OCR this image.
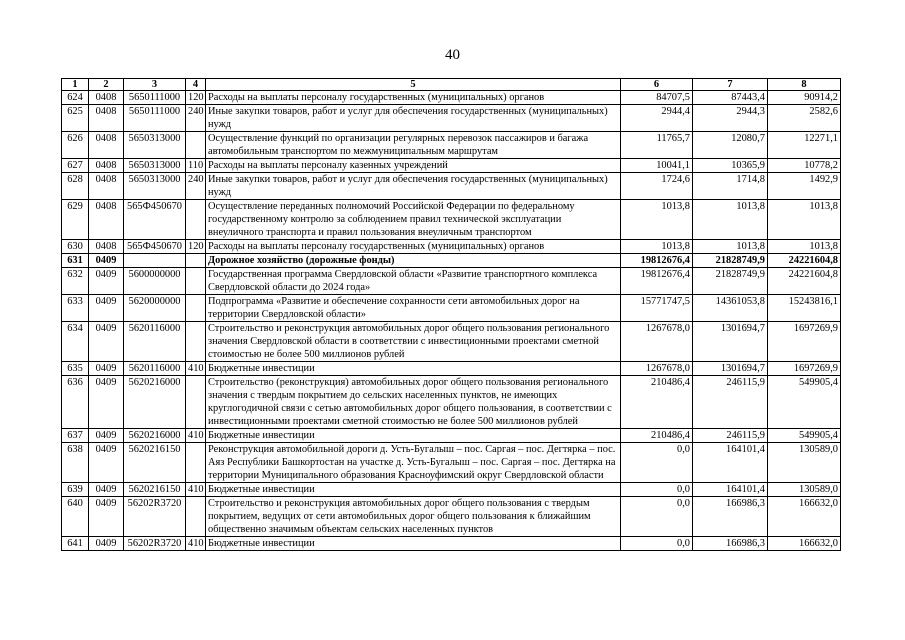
40
1	2	3	4	5	6	7	8
624	0408	5650111000	120	Расходы на выплаты персоналу государственных (муниципальных) органов	84707,5	87443,4	90914,2
625	0408	5650111000	240	Иные закупки товаров, работ и услуг для обеспечения государственных (муниципальных) нужд	2944,4	2944,3	2582,6
626	0408	5650313000		Осуществление функций по организации регулярных перевозок пассажиров и багажа автомобильным транспортом по межмуниципальным маршрутам	11765,7	12080,7	12271,1
627	0408	5650313000	110	Расходы на выплаты персоналу казенных учреждений	10041,1	10365,9	10778,2
628	0408	5650313000	240	Иные закупки товаров, работ и услуг для обеспечения государственных (муниципальных) нужд	1724,6	1714,8	1492,9
629	0408	565Ф450670		Осуществление переданных полномочий Российской Федерации по федеральному государственному контролю за соблюдением правил технической эксплуатации внеуличного транспорта и правил пользования внеуличным транспортом	1013,8	1013,8	1013,8
630	0408	565Ф450670	120	Расходы на выплаты персоналу государственных (муниципальных) органов	1013,8	1013,8	1013,8
631	0409			Дорожное хозяйство (дорожные фонды)	19812676,4	21828749,9	24221604,8
632	0409	5600000000		Государственная программа Свердловской области «Развитие транспортного комплекса Свердловской области до 2024 года»	19812676,4	21828749,9	24221604,8
633	0409	5620000000		Подпрограмма «Развитие и обеспечение сохранности сети автомобильных дорог на территории Свердловской области»	15771747,5	14361053,8	15243816,1
634	0409	5620116000		Строительство и реконструкция автомобильных дорог общего пользования регионального значения Свердловской области в соответствии с инвестиционными проектами сметной стоимостью не более 500 миллионов рублей	1267678,0	1301694,7	1697269,9
635	0409	5620116000	410	Бюджетные инвестиции	1267678,0	1301694,7	1697269,9
636	0409	5620216000		Строительство (реконструкция) автомобильных дорог общего пользования регионального значения с твердым покрытием до сельских населенных пунктов, не имеющих круглогодичной связи с сетью автомобильных дорог общего пользования, в соответствии с инвестиционными проектами сметной стоимостью не более 500 миллионов рублей	210486,4	246115,9	549905,4
637	0409	5620216000	410	Бюджетные инвестиции	210486,4	246115,9	549905,4
638	0409	5620216150		Реконструкция автомобильной дороги д. Усть-Бугалыш – пос. Саргая – пос. Дегтярка – пос. Аяз Республики Башкортостан на участке д. Усть-Бугалыш – пос. Саргая – пос. Дегтярка на территории Муниципального образования Красноуфимский округ Свердловской области	0,0	164101,4	130589,0
639	0409	5620216150	410	Бюджетные инвестиции	0,0	164101,4	130589,0
640	0409	56202R3720		Строительство и реконструкция автомобильных дорог общего пользования с твердым покрытием, ведущих от сети автомобильных дорог общего пользования к ближайшим общественно значимым объектам сельских населенных пунктов	0,0	166986,3	166632,0
641	0409	56202R3720	410	Бюджетные инвестиции	0,0	166986,3	166632,0
